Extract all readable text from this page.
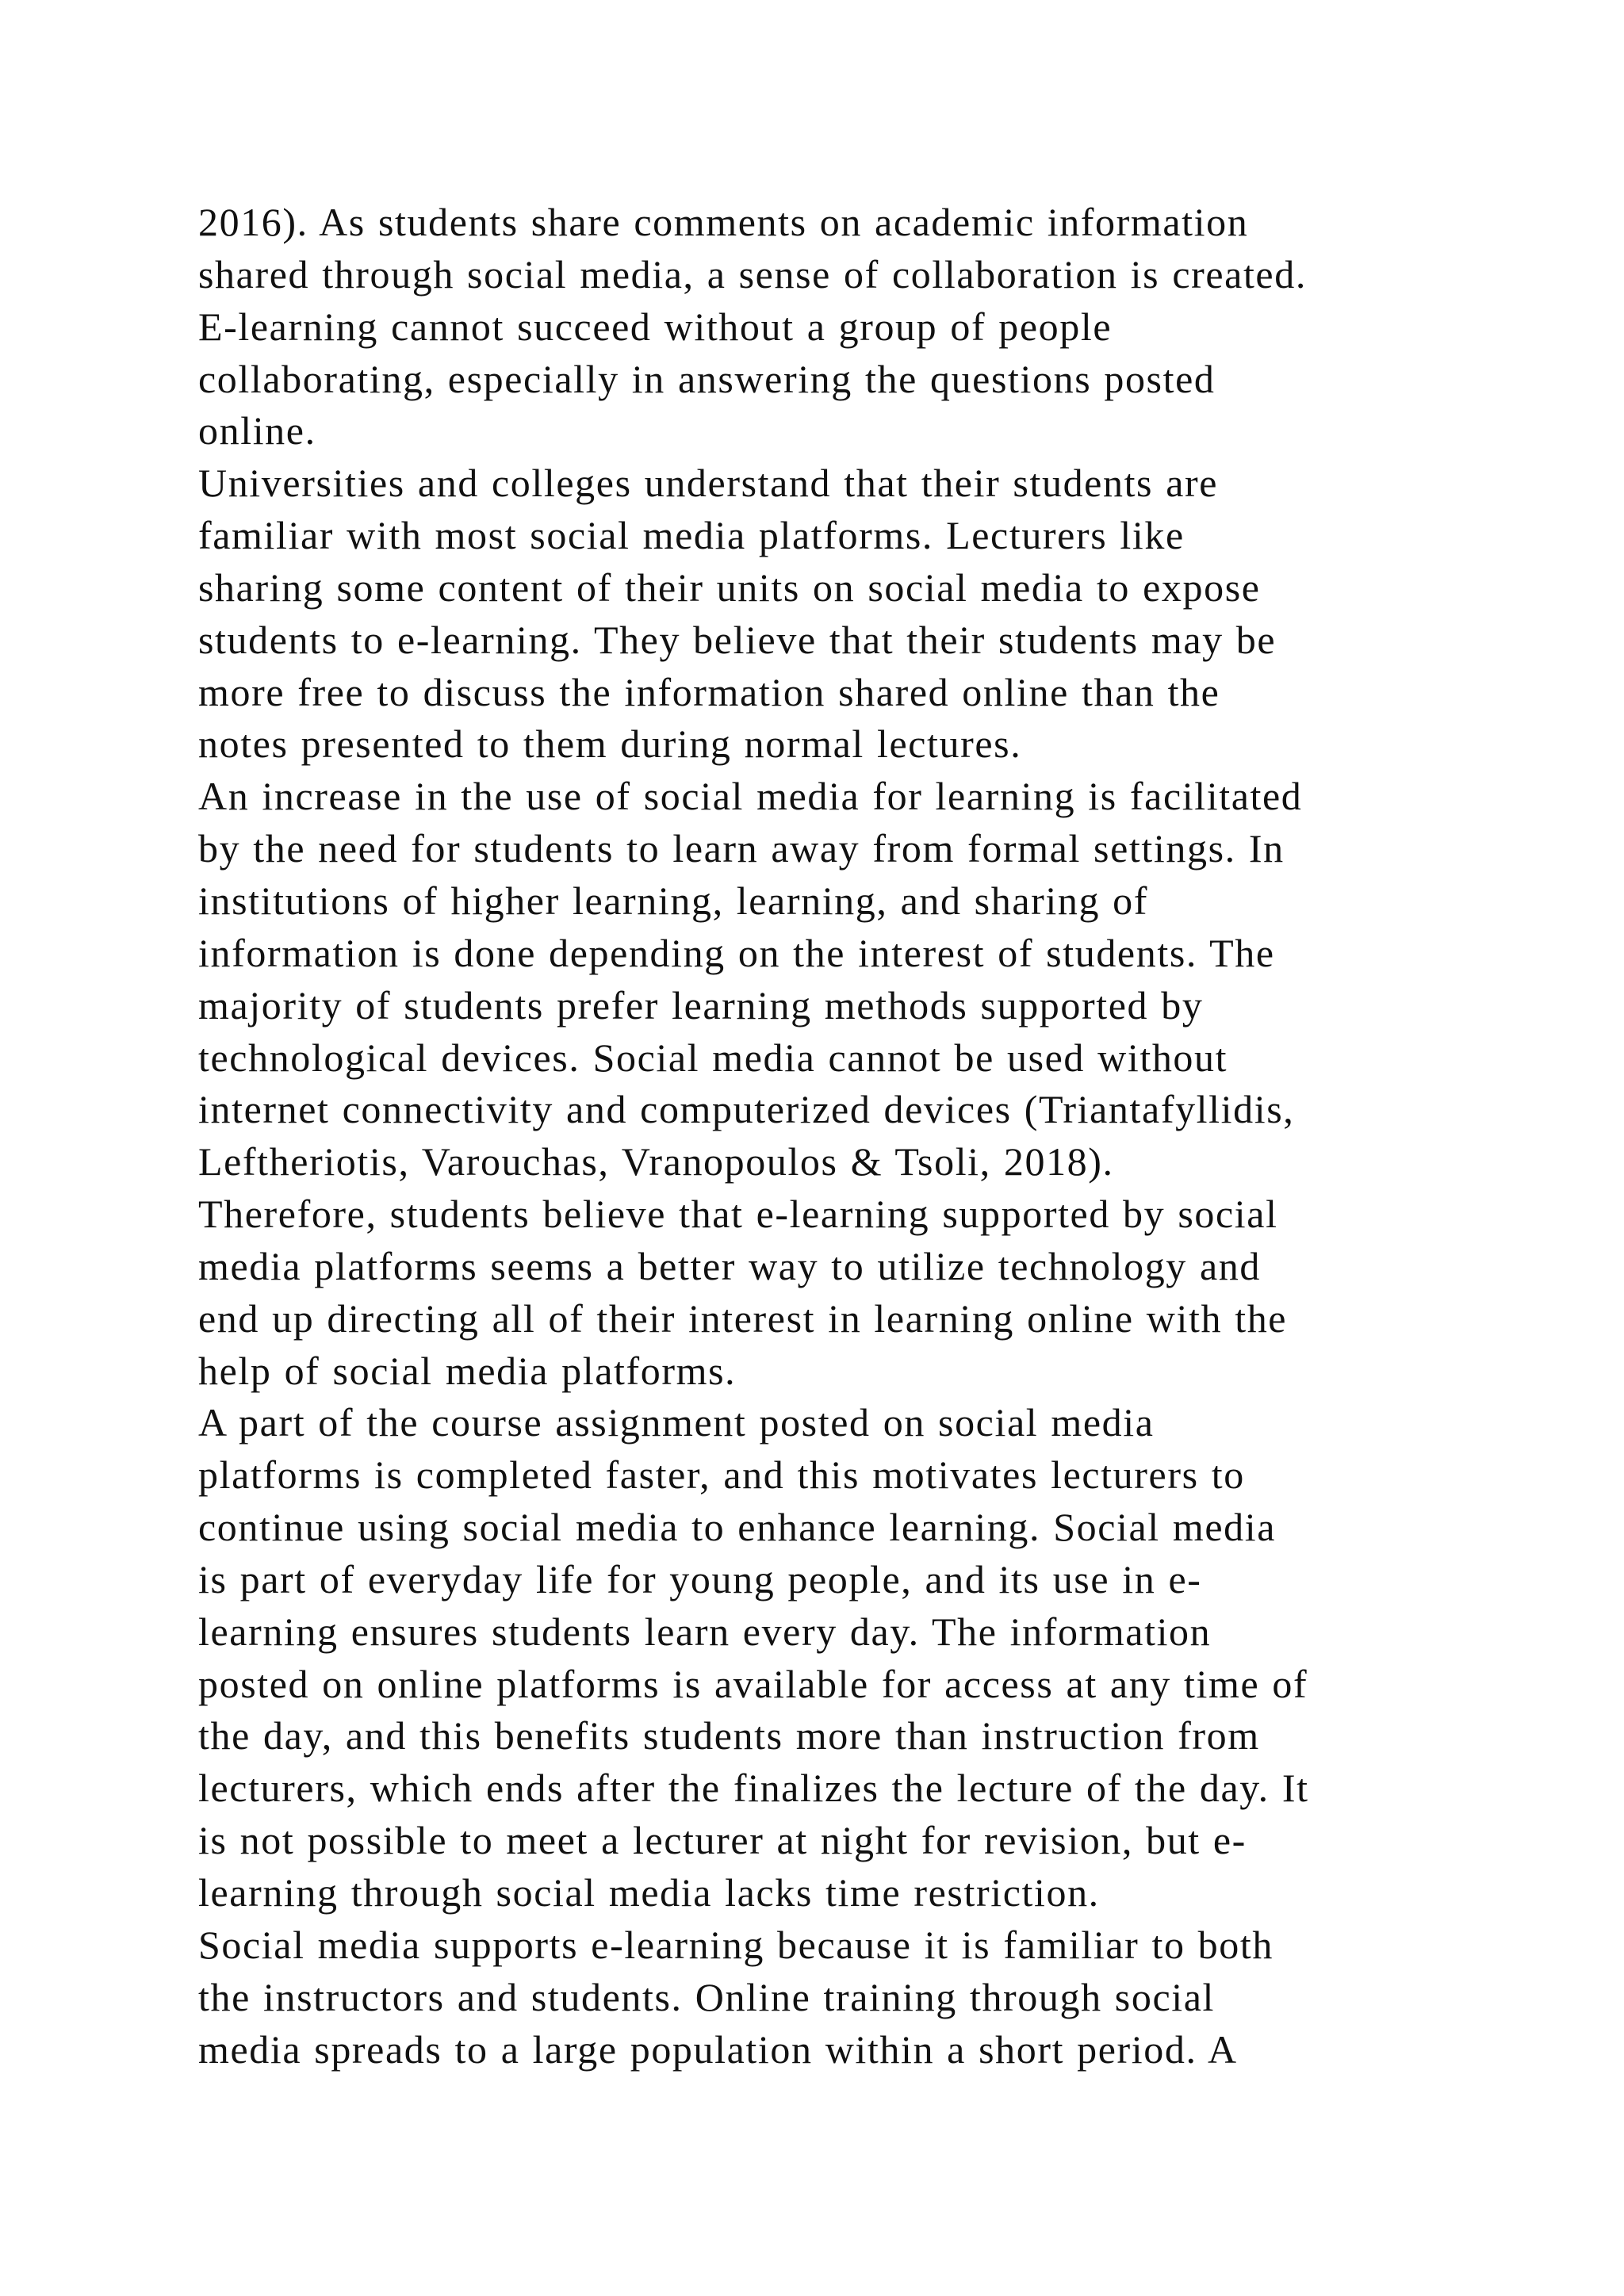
2016). As students share comments on academic information
shared through social media, a sense of collaboration is created.
E-learning cannot succeed without a group of people
collaborating, especially in answering the questions posted
online.
Universities and colleges understand that their students are
familiar with most social media platforms. Lecturers like
sharing some content of their units on social media to expose
students to e-learning. They believe that their students may be
more free to discuss the information shared online than the
notes presented to them during normal lectures.
An increase in the use of social media for learning is facilitated
by the need for students to learn away from formal settings. In
institutions of higher learning, learning, and sharing of
information is done depending on the interest of students. The
majority of students prefer learning methods supported by
technological devices. Social media cannot be used without
internet connectivity and computerized devices (Triantafyllidis,
Leftheriotis, Varouchas, Vranopoulos & Tsoli, 2018).
Therefore, students believe that e-learning supported by social
media platforms seems a better way to utilize technology and
end up directing all of their interest in learning online with the
help of social media platforms.
A part of the course assignment posted on social media
platforms is completed faster, and this motivates lecturers to
continue using social media to enhance learning. Social media
is part of everyday life for young people, and its use in e-
learning ensures students learn every day. The information
posted on online platforms is available for access at any time of
the day, and this benefits students more than instruction from
lecturers, which ends after the finalizes the lecture of the day. It
is not possible to meet a lecturer at night for revision, but e-
learning through social media lacks time restriction.
Social media supports e-learning because it is familiar to both
the instructors and students. Online training through social
media spreads to a large population within a short period. A
